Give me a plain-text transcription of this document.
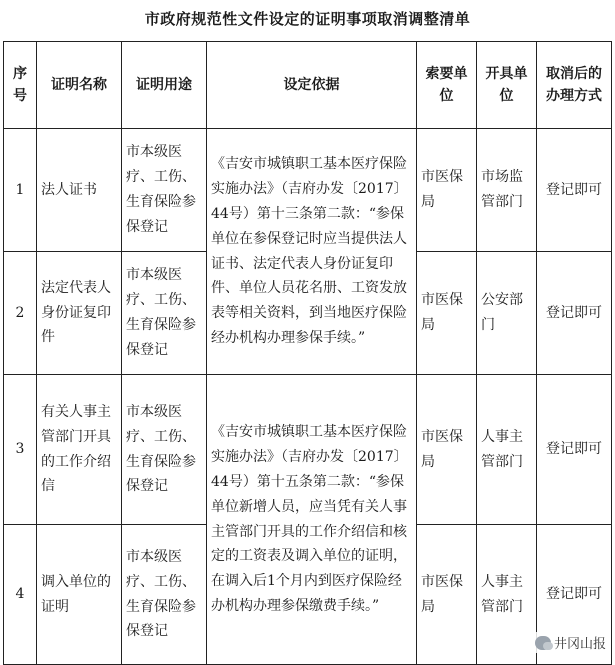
市政府规范性文件设定的证明事项取消调整清单
序号	证明名称	证明用途	设定依据	索要单位	开具单位	取消后的办理方式
1	法人证书	市本级医疗、工伤、生育保险参保登记	《吉安市城镇职工基本医疗保险实施办法》（吉府办发〔2017〕44号）第十三条第二款：“参保单位在参保登记时应当提供法人证书、法定代表人身份证复印件、单位人员花名册、工资发放表等相关资料，到当地医疗保险经办机构办理参保手续。”	市医保局	市场监管部门	登记即可
2	法定代表人身份证复印件	市本级医疗、工伤、生育保险参保登记		市医保局	公安部门	登记即可
3	有关人事主管部门开具的工作介绍信	市本级医疗、工伤、生育保险参保登记	《吉安市城镇职工基本医疗保险实施办法》（吉府办发〔2017〕44号）第十五条第二款：“参保单位新增人员，应当凭有关人事主管部门开具的工作介绍信和核定的工资表及调入单位的证明，在调入后1个月内到医疗保险经办机构办理参保缴费手续。”	市医保局	人事主管部门	登记即可
4	调入单位的证明	市本级医疗、工伤、生育保险参保登记		市医保局	人事主管部门	登记即可
井冈山报
